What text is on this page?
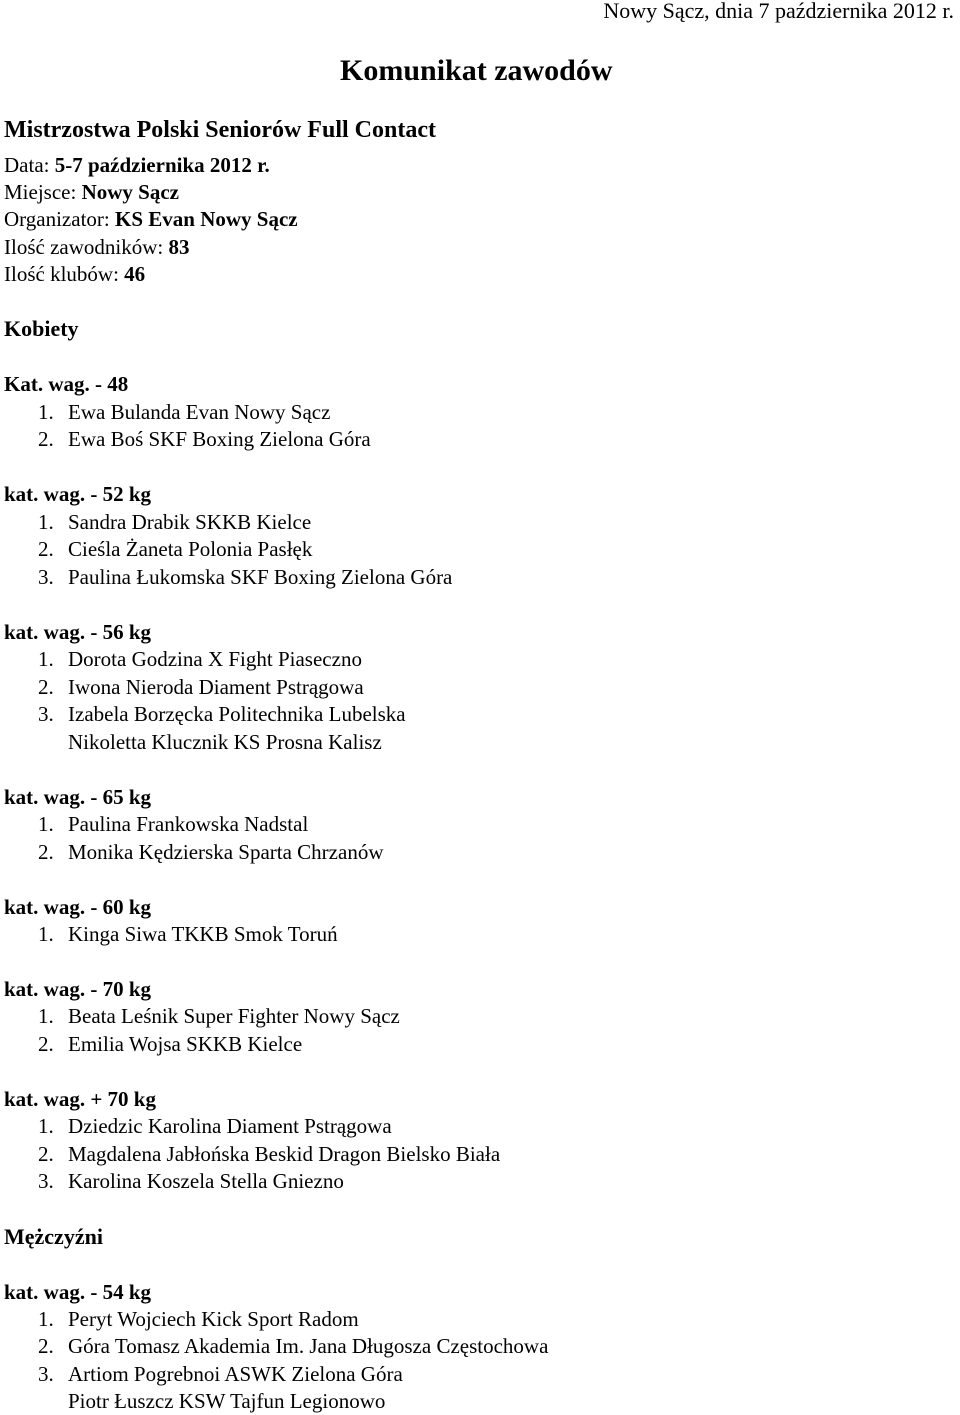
Nowy Sącz, dnia 7 października 2012 r.
Komunikat zawodów
Mistrzostwa Polski Seniorów Full Contact
Data: 5-7 października 2012 r.
Miejsce: Nowy Sącz
Organizator: KS Evan Nowy Sącz
Ilość zawodników: 83
Ilość klubów: 46
Kobiety
Kat. wag. - 48
1. Ewa Bulanda Evan Nowy Sącz
2. Ewa Boś SKF Boxing Zielona Góra
kat. wag. - 52 kg
1. Sandra Drabik SKKB Kielce
2. Cieśla Żaneta Polonia Pasłęk
3. Paulina Łukomska SKF Boxing Zielona Góra
kat. wag. - 56 kg
1. Dorota Godzina X Fight Piaseczno
2. Iwona Nieroda Diament Pstrągowa
3. Izabela Borzęcka Politechnika Lubelska
Nikoletta Klucznik KS Prosna Kalisz
kat. wag. - 65 kg
1. Paulina Frankowska Nadstal
2. Monika Kędzierska Sparta Chrzanów
kat. wag. - 60 kg
1. Kinga Siwa TKKB Smok Toruń
kat. wag. - 70 kg
1. Beata Leśnik Super Fighter Nowy Sącz
2. Emilia Wojsa SKKB Kielce
kat. wag. + 70 kg
1. Dziedzic Karolina Diament Pstrągowa
2. Magdalena Jabłońska Beskid Dragon Bielsko Biała
3. Karolina Koszela Stella Gniezno
Mężczyźni
kat. wag. - 54 kg
1. Peryt Wojciech Kick Sport Radom
2. Góra Tomasz Akademia Im. Jana Długosza Częstochowa
3. Artiom Pogrebnoi ASWK Zielona Góra
Piotr Łuszcz KSW Tajfun Legionowo
